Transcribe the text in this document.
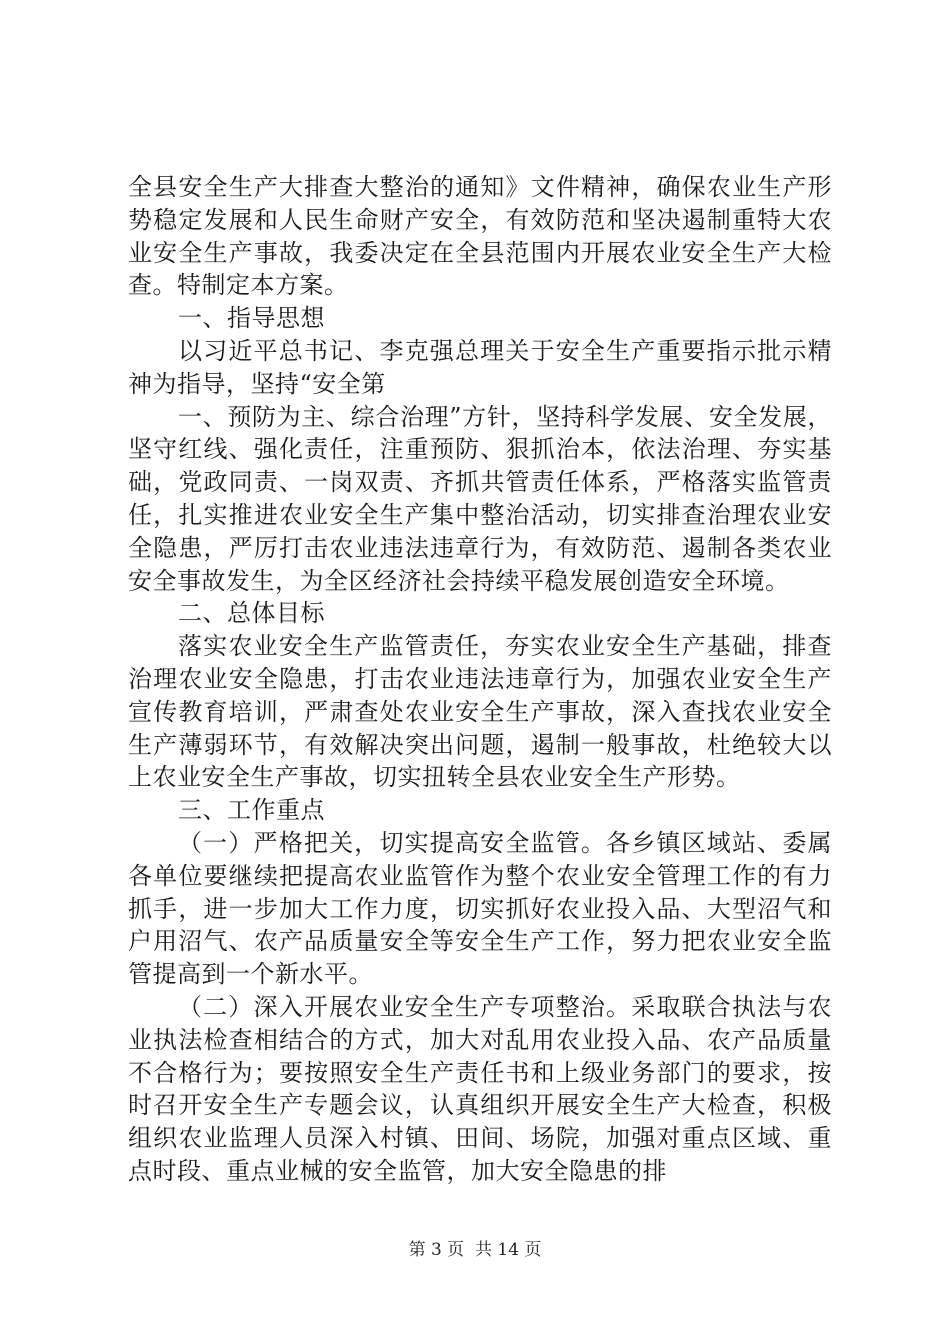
全县安全生产大排查大整治的通知》文件精神，确保农业生产形势稳定发展和人民生命财产安全，有效防范和坚决遏制重特大农业安全生产事故，我委决定在全县范围内开展农业安全生产大检查。特制定本方案。

一、指导思想

以习近平总书记、李克强总理关于安全生产重要指示批示精神为指导，坚持“安全第

一、预防为主、综合治理”方针，坚持科学发展、安全发展，坚守红线、强化责任，注重预防、狠抓治本，依法治理、夯实基础，党政同责、一岗双责、齐抓共管责任体系，严格落实监管责任，扎实推进农业安全生产集中整治活动，切实排查治理农业安全隐患，严厉打击农业违法违章行为，有效防范、遏制各类农业安全事故发生，为全区经济社会持续平稳发展创造安全环境。

二、总体目标

落实农业安全生产监管责任，夯实农业安全生产基础，排查治理农业安全隐患，打击农业违法违章行为，加强农业安全生产宣传教育培训，严肃查处农业安全生产事故，深入查找农业安全生产薄弱环节，有效解决突出问题，遏制一般事故，杜绝较大以上农业安全生产事故，切实扭转全县农业安全生产形势。

三、工作重点

（一）严格把关，切实提高安全监管。各乡镇区域站、委属各单位要继续把提高农业监管作为整个农业安全管理工作的有力抓手，进一步加大工作力度，切实抓好农业投入品、大型沼气和户用沼气、农产品质量安全等安全生产工作，努力把农业安全监管提高到一个新水平。

（二）深入开展农业安全生产专项整治。采取联合执法与农业执法检查相结合的方式，加大对乱用农业投入品、农产品质量不合格行为；要按照安全生产责任书和上级业务部门的要求，按时召开安全生产专题会议，认真组织开展安全生产大检查，积极组织农业监理人员深入村镇、田间、场院，加强对重点区域、重点时段、重点业械的安全监管，加大安全隐患的排

第 3 页  共 14 页
